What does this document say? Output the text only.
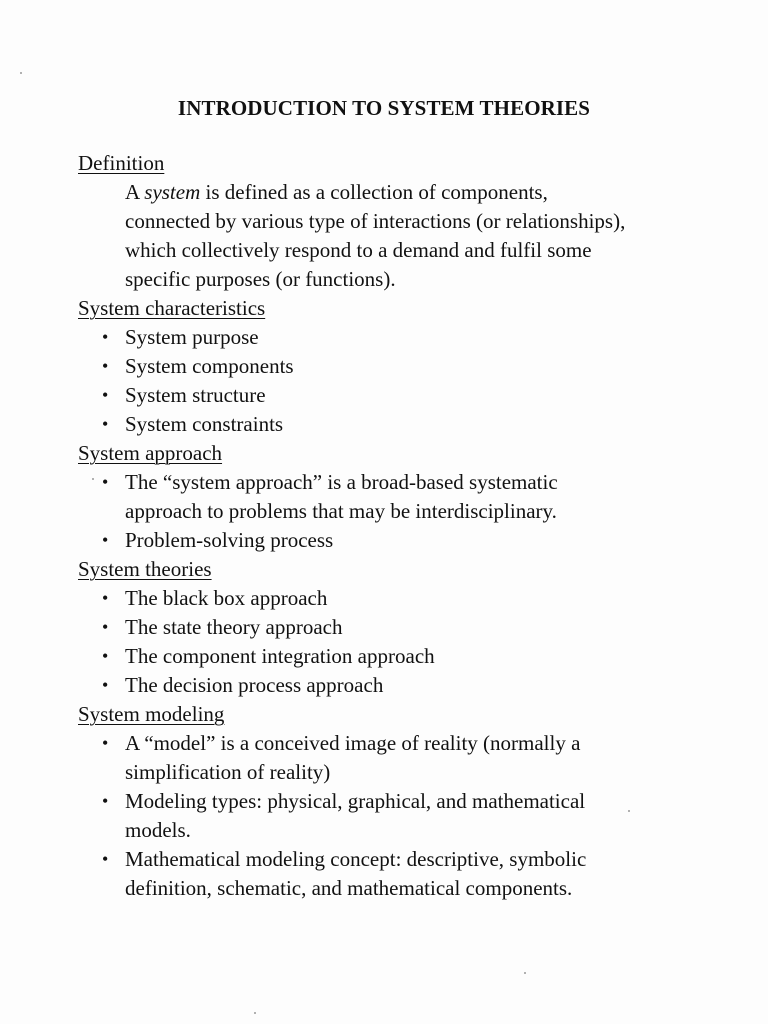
INTRODUCTION TO SYSTEM THEORIES
Definition
A system is defined as a collection of components,
connected by various type of interactions (or relationships),
which collectively respond to a demand and fulfil some
specific purposes (or functions).
System characteristics
• System purpose
• System components
• System structure
• System constraints
System approach
• The “system approach” is a broad-based systematic
approach to problems that may be interdisciplinary.
• Problem-solving process
System theories
• The black box approach
• The state theory approach
• The component integration approach
• The decision process approach
System modeling
• A “model” is a conceived image of reality (normally a
simplification of reality)
• Modeling types: physical, graphical, and mathematical
models.
• Mathematical modeling concept: descriptive, symbolic
definition, schematic, and mathematical components.
